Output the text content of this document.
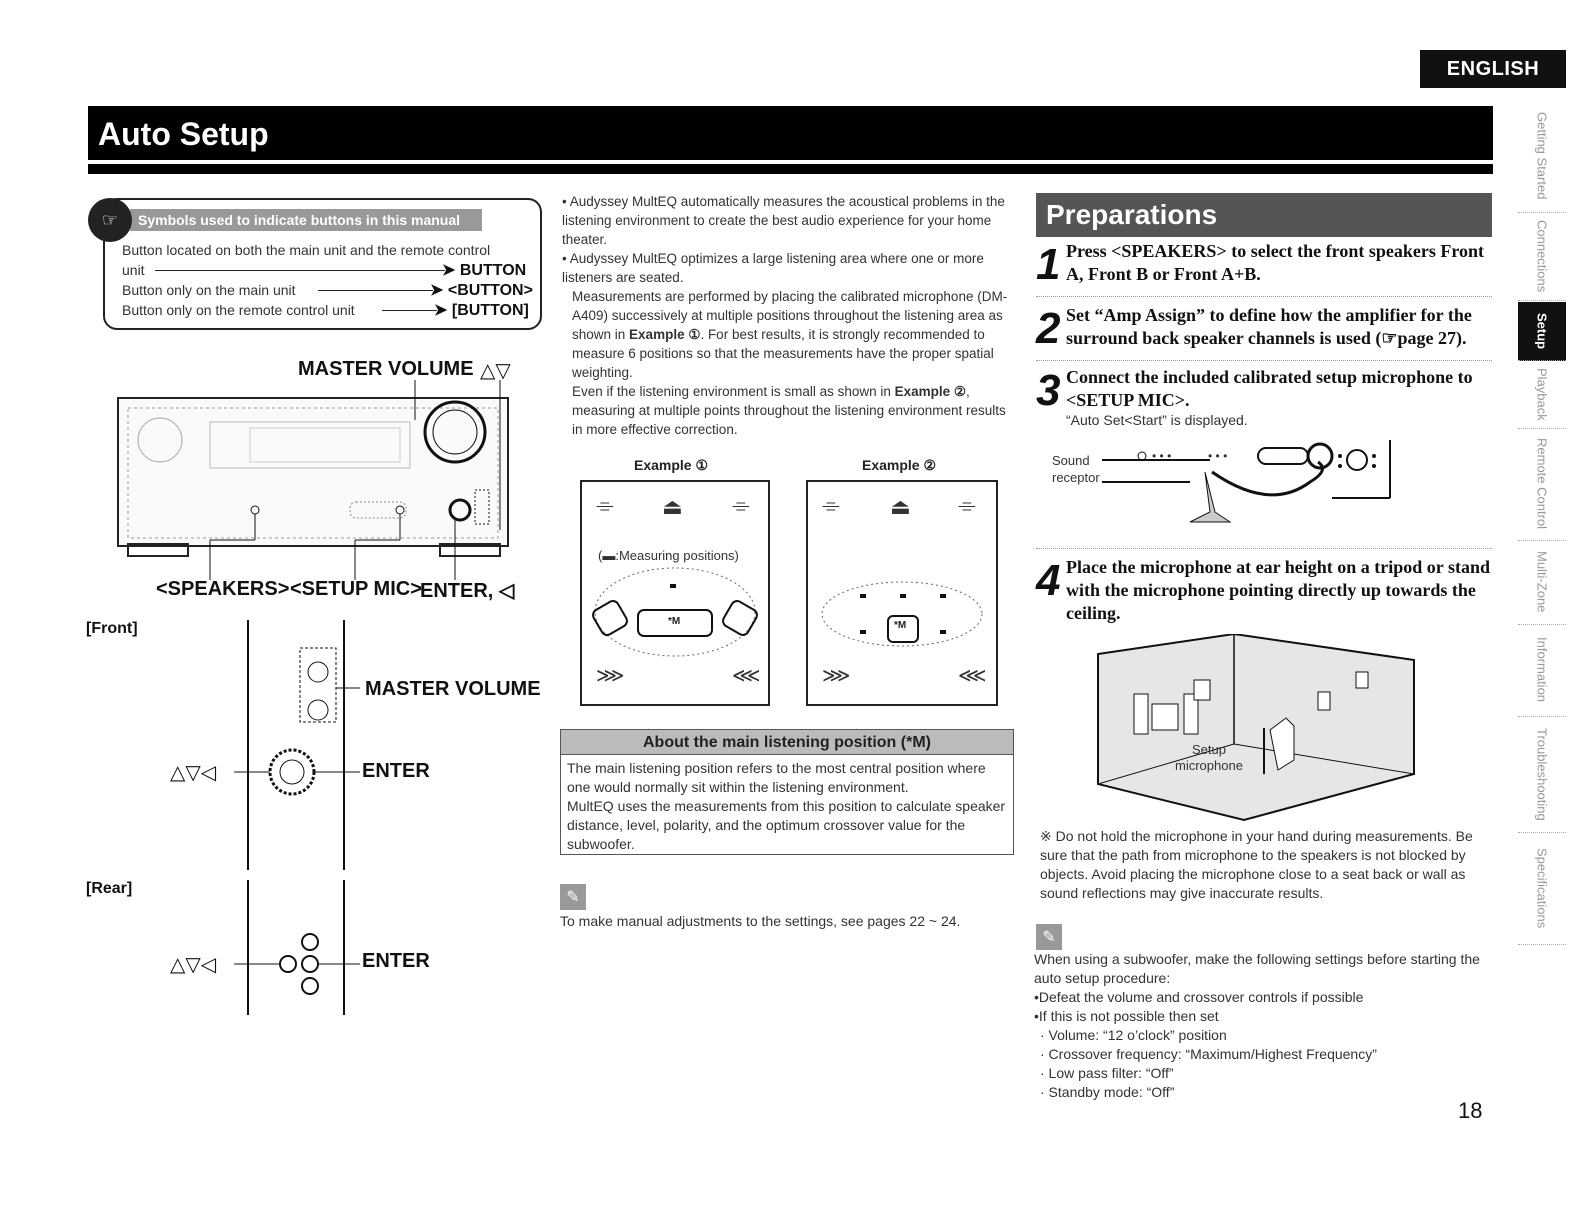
ENGLISH
Auto Setup	Getting Started
Connections
Setup
Playback
Remote Control
Multi-Zone
Information
Troubleshooting
Specifications
Symbols used to indicate buttons in this manual
☞
Button located on both the main unit and the remote control
unit	➤ BUTTON
Button only on the main unit	➤ <BUTTON>
Button only on the remote control unit	➤ [BUTTON]
MASTER VOLUME △▽
<SPEAKERS> <SETUP MIC>
ENTER, ◁
[Front]
MASTER VOLUME
ENTER
△▽◁
[Rear]
ENTER
△▽◁

• Audyssey MultEQ automatically measures the acoustical problems in the listening environment to create the best audio experience for your home theater.

• Audyssey MultEQ optimizes a large listening area where one or more listeners are seated.

Measurements are performed by placing the calibrated microphone (DM-A409) successively at multiple positions throughout the listening area as shown in Example ①. For best results, it is strongly recommended to measure 6 positions so that the measurements have the proper spatial weighting.

Even if the listening environment is small as shown in Example ②, measuring at multiple points throughout the listening environment results in more effective correction.

Example ①	Example ②
⌯ ⏏ ⌯
⋙	⋘
(▬:Measuring positions)
*M
⌯ ⏏ ⌯
⋙	⋘
*M
About the main listening position (*M)

The main listening position refers to the most central position where one would normally sit within the listening environment.

MultEQ uses the measurements from this position to calculate speaker distance, level, polarity, and the optimum crossover value for the subwoofer.

✎
To make manual adjustments to the settings, see pages 22 ~ 24.
Preparations
1 Press <SPEAKERS> to select the front speakers Front A, Front B or Front A+B.
2 Set “Amp Assign” to define how the amplifier for the surround back speaker channels is used (☞page 27).
3 Connect the included calibrated setup microphone to <SETUP MIC>.
“Auto Set<Start” is displayed.
• • •	• • •
Sound
receptor
4 Place the microphone at ear height on a tripod or stand with the microphone pointing directly up towards the ceiling.
Setup
microphone
※ Do not hold the microphone in your hand during measurements. Be sure that the path from microphone to the speakers is not blocked by objects. Avoid placing the microphone close to a seat back or wall as sound reflections may give inaccurate results.
✎
When using a subwoofer, make the following settings before starting the auto setup procedure:
•Defeat the volume and crossover controls if possible
•If this is not possible then set
· Volume: “12 o’clock” position
· Crossover frequency: “Maximum/Highest Frequency”
· Low pass filter: “Off”
· Standby mode: “Off”
18
